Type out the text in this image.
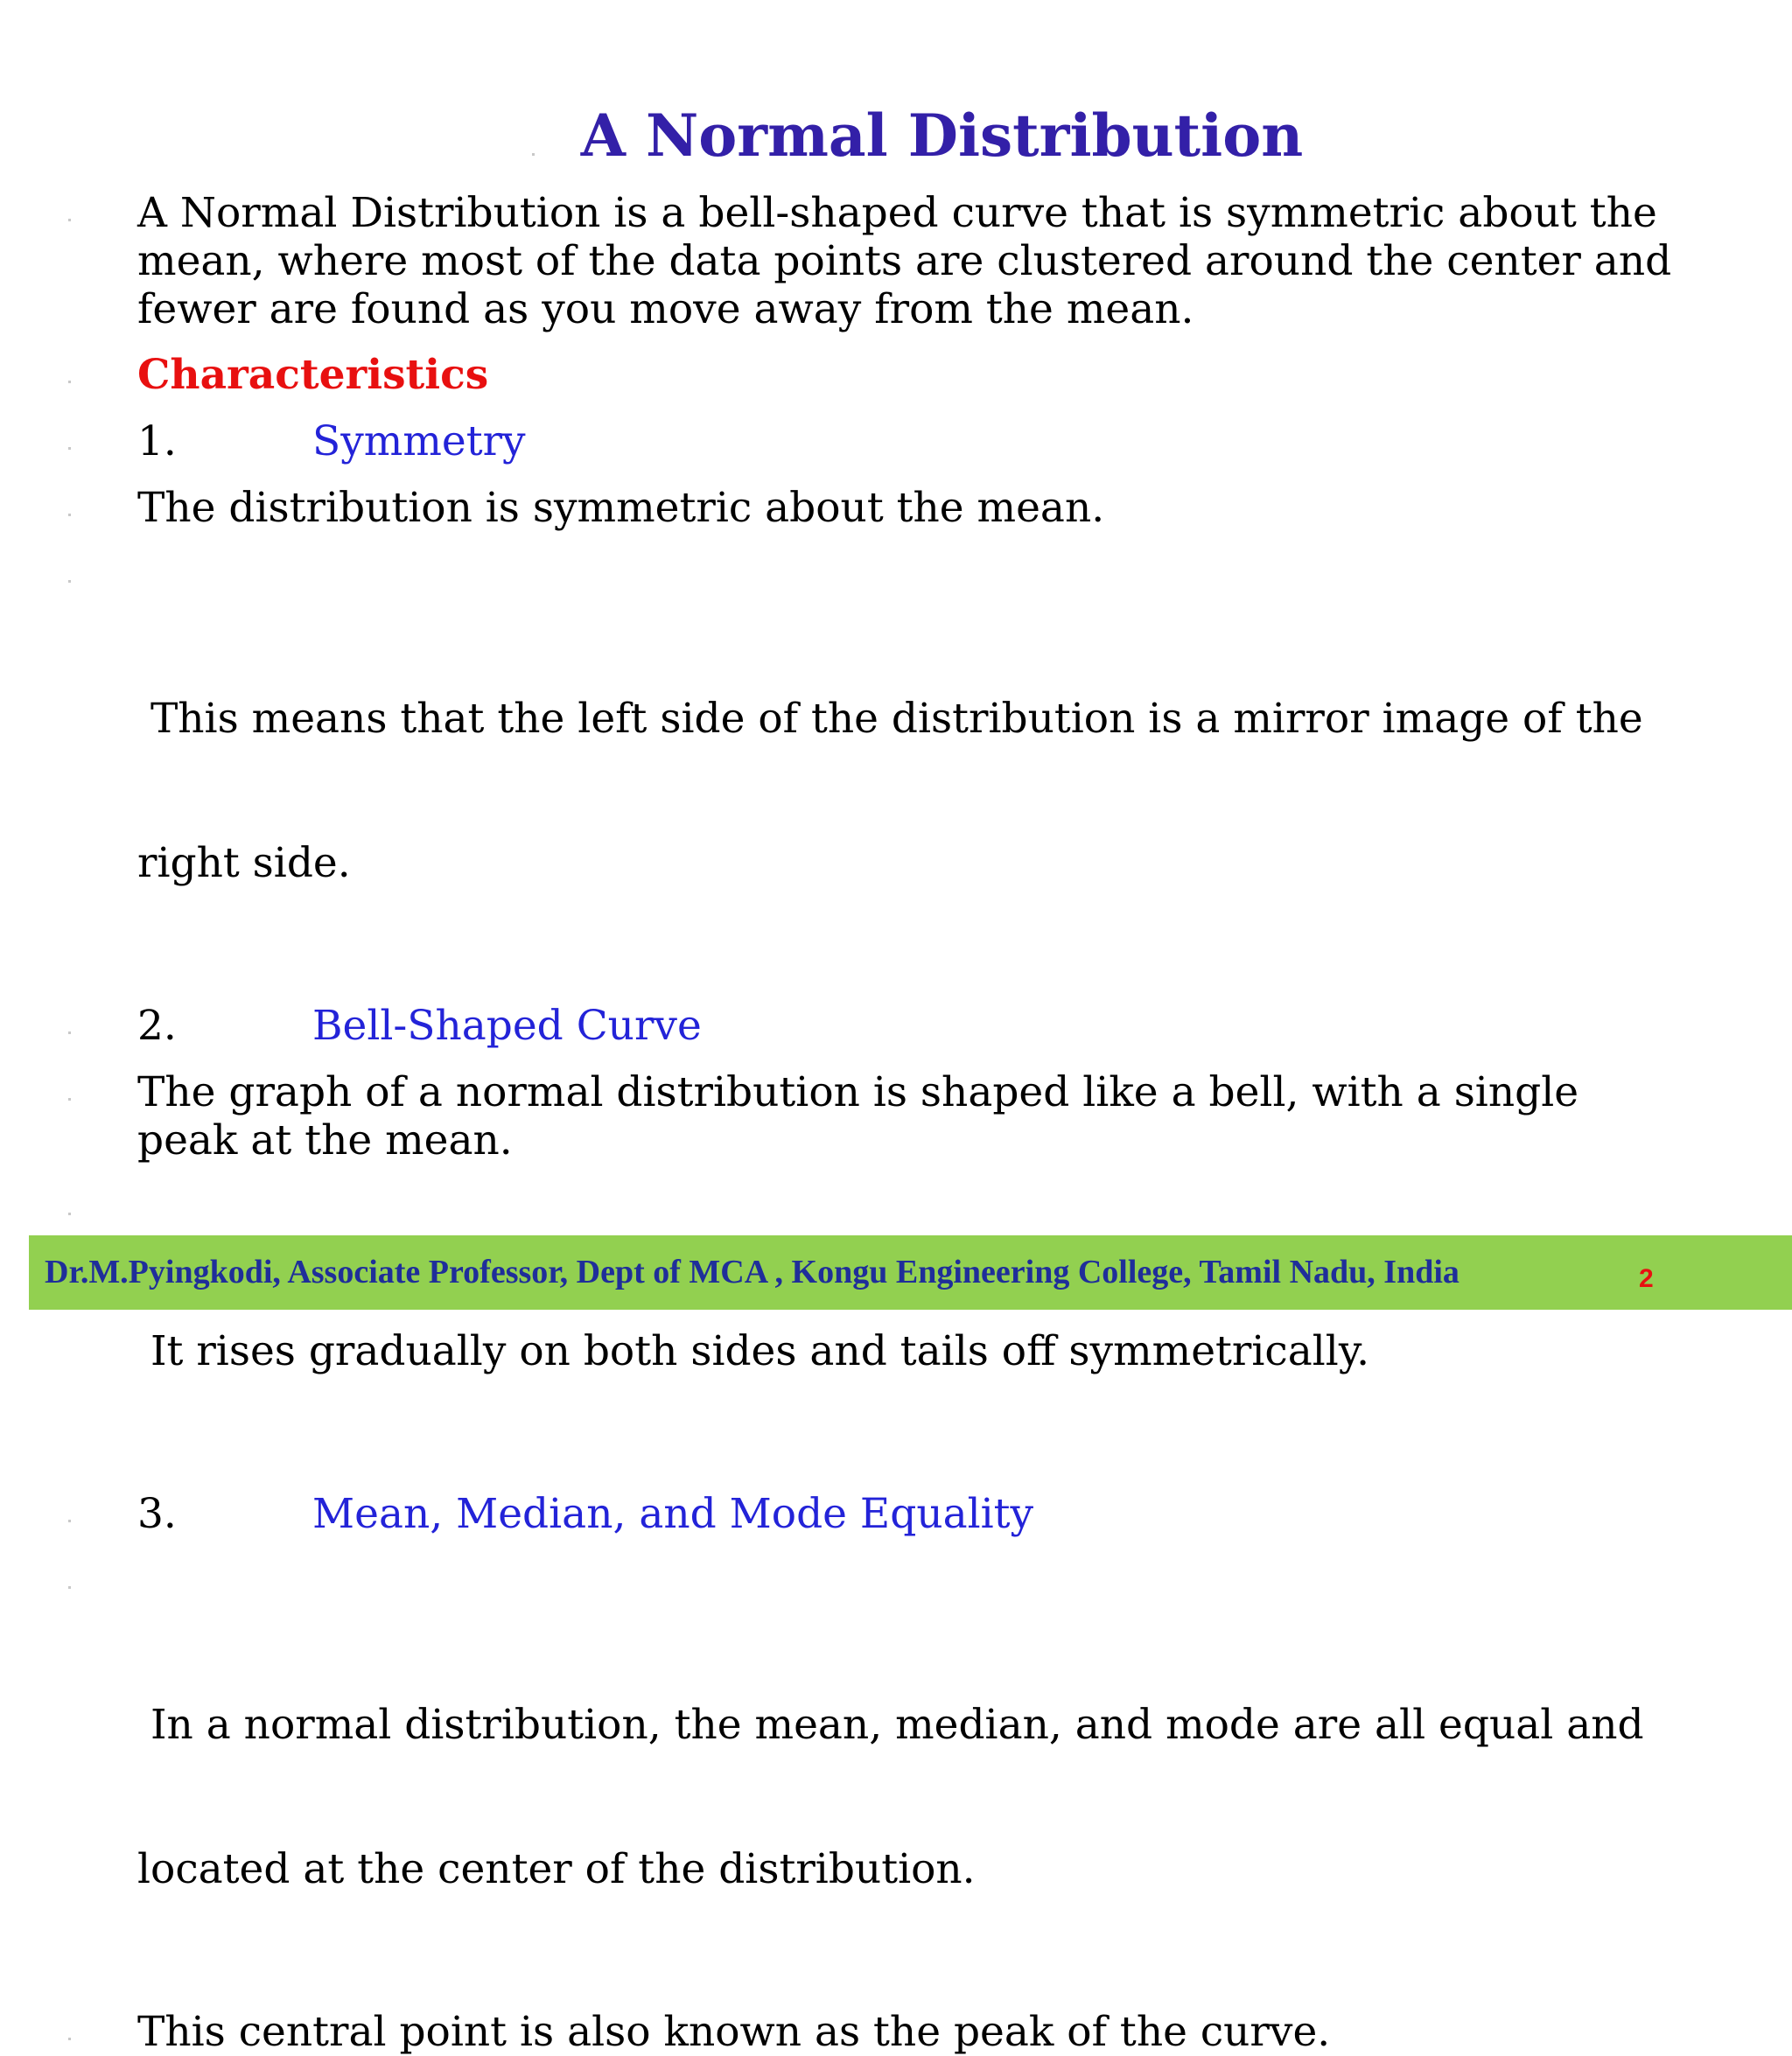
A Normal Distribution
A Normal Distribution is a bell-shaped curve that is symmetric about the
mean, where most of the data points are clustered around the center and
fewer are found as you move away from the mean.
Characteristics
1.	Symmetry
The distribution is symmetric about the mean.

This means that the left side of the distribution is a mirror image of the

right side.

2.	Bell-Shaped Curve
The graph of a normal distribution is shaped like a bell, with a single
peak at the mean.

It rises gradually on both sides and tails off symmetrically.

3.	Mean, Median, and Mode Equality

In a normal distribution, the mean, median, and mode are all equal and

located at the center of the distribution.

This central point is also known as the peak of the curve.
Dr.M.Pyingkodi, Associate Professor, Dept of MCA , Kongu Engineering College, Tamil Nadu, India	2
